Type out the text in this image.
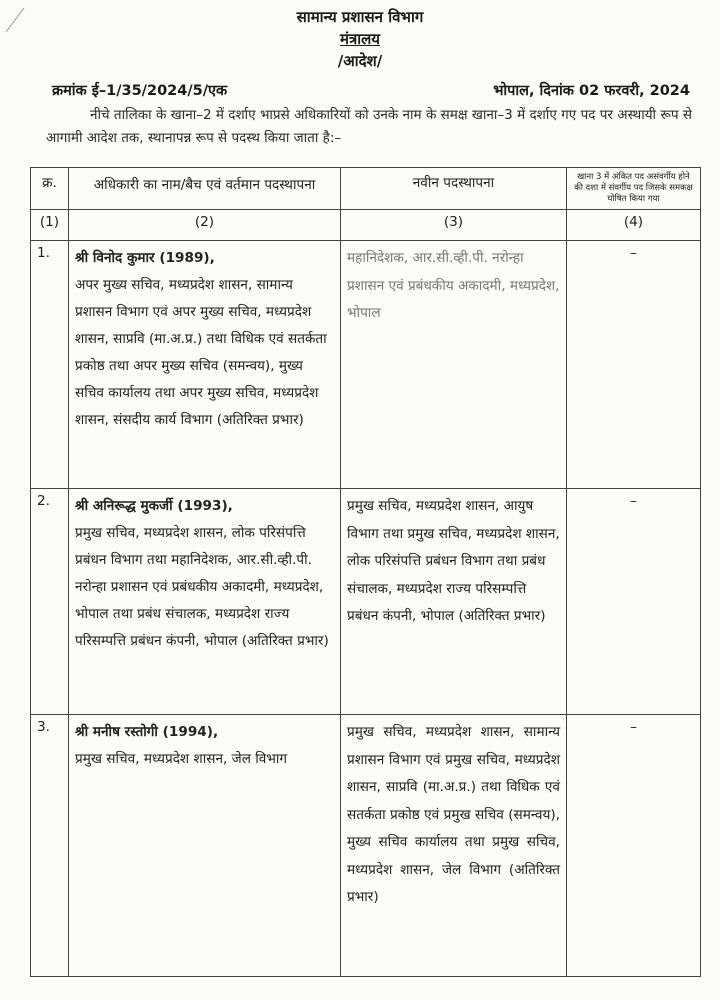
सामान्य प्रशासन विभाग
मंत्रालय
/आदेश/
क्रमांक ई–1/35/2024/5/एक	भोपाल, दिनांक 02 फरवरी, 2024
नीचे तालिका के खाना–2 में दर्शाए भाप्रसे अधिकारियों को उनके नाम के समक्ष खाना–3 में दर्शाए गए पद पर अस्थायी रूप से आगामी आदेश तक, स्थानापन्न रूप से पदस्थ किया जाता है:–
क्र.	अधिकारी का नाम/बैच एवं वर्तमान पदस्थापना	नवीन पदस्थापना	खाना 3 में अंकित पद असंवर्गीय होने की दशा में संवर्गीय पद जिसके समकक्ष घोषित किया गया
(1)	(2)	(3)	(4)
1.	श्री विनोद कुमार (1989),
अपर मुख्य सचिव, मध्यप्रदेश शासन, सामान्य प्रशासन विभाग एवं अपर मुख्य सचिव, मध्यप्रदेश शासन, साप्रवि (मा.अ.प्र.) तथा विधिक एवं सतर्कता प्रकोष्ठ तथा अपर मुख्य सचिव (समन्वय), मुख्य सचिव कार्यालय तथा अपर मुख्य सचिव, मध्यप्रदेश शासन, संसदीय कार्य विभाग (अतिरिक्त प्रभार)	महानिदेशक, आर.सी.व्ही.पी. नरोन्हा प्रशासन एवं प्रबंधकीय अकादमी, मध्यप्रदेश, भोपाल	–
2.	श्री अनिरूद्ध मुकर्जी (1993),
प्रमुख सचिव, मध्यप्रदेश शासन, लोक परिसंपत्ति प्रबंधन विभाग तथा महानिदेशक, आर.सी.व्ही.पी. नरोन्हा प्रशासन एवं प्रबंधकीय अकादमी, मध्यप्रदेश, भोपाल तथा प्रबंध संचालक, मध्यप्रदेश राज्य परिसम्पत्ति प्रबंधन कंपनी, भोपाल (अतिरिक्त प्रभार)	प्रमुख सचिव, मध्यप्रदेश शासन, आयुष विभाग तथा प्रमुख सचिव, मध्यप्रदेश शासन, लोक परिसंपत्ति प्रबंधन विभाग तथा प्रबंध संचालक, मध्यप्रदेश राज्य परिसम्पत्ति प्रबंधन कंपनी, भोपाल (अतिरिक्त प्रभार)	–
3.	श्री मनीष रस्तोगी (1994),
प्रमुख सचिव, मध्यप्रदेश शासन, जेल विभाग	प्रमुख सचिव, मध्यप्रदेश शासन, सामान्य प्रशासन विभाग एवं प्रमुख सचिव, मध्यप्रदेश शासन, साप्रवि (मा.अ.प्र.) तथा विधिक एवं सतर्कता प्रकोष्ठ एवं प्रमुख सचिव (समन्वय), मुख्य सचिव कार्यालय तथा प्रमुख सचिव, मध्यप्रदेश शासन, जेल विभाग (अतिरिक्त प्रभार)	–
